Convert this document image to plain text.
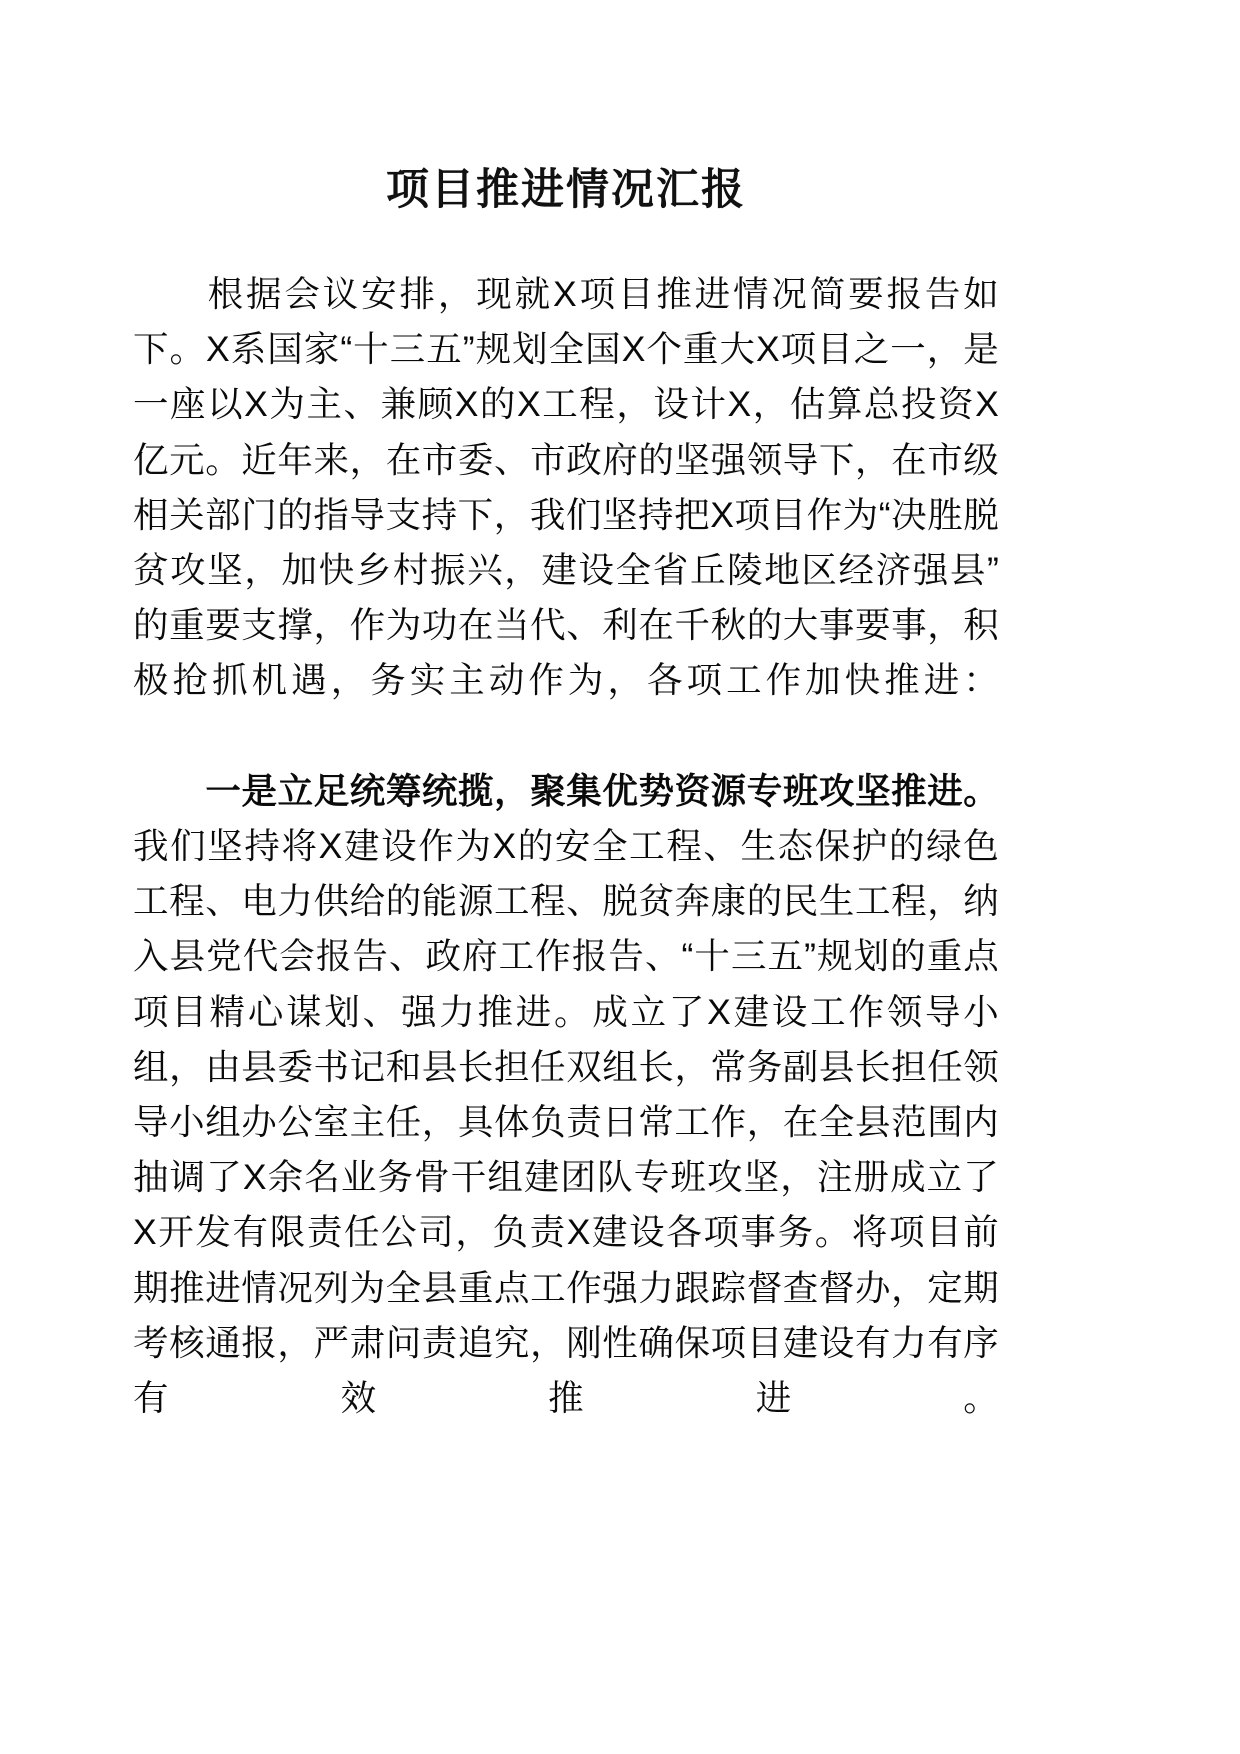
项目推进情况汇报

根据会议安排，现就X项目推进情况简要报告如下。X系国家“十三五”规划全国X个重大X项目之一，是一座以X为主、兼顾X的X工程，设计X，估算总投资X亿元。近年来，在市委、市政府的坚强领导下，在市级相关部门的指导支持下，我们坚持把X项目作为“决胜脱贫攻坚，加快乡村振兴，建设全省丘陵地区经济强县”的重要支撑，作为功在当代、利在千秋的大事要事，积极抢抓机遇，务实主动作为，各项工作加快推进：

一是立足统筹统揽，聚集优势资源专班攻坚推进。我们坚持将X建设作为X的安全工程、生态保护的绿色工程、电力供给的能源工程、脱贫奔康的民生工程，纳入县党代会报告、政府工作报告、“十三五”规划的重点项目精心谋划、强力推进。成立了X建设工作领导小组，由县委书记和县长担任双组长，常务副县长担任领导小组办公室主任，具体负责日常工作，在全县范围内抽调了X余名业务骨干组建团队专班攻坚，注册成立了X开发有限责任公司，负责X建设各项事务。将项目前期推进情况列为全县重点工作强力跟踪督查督办，定期考核通报，严肃问责追究，刚性确保项目建设有力有序有效推进。
